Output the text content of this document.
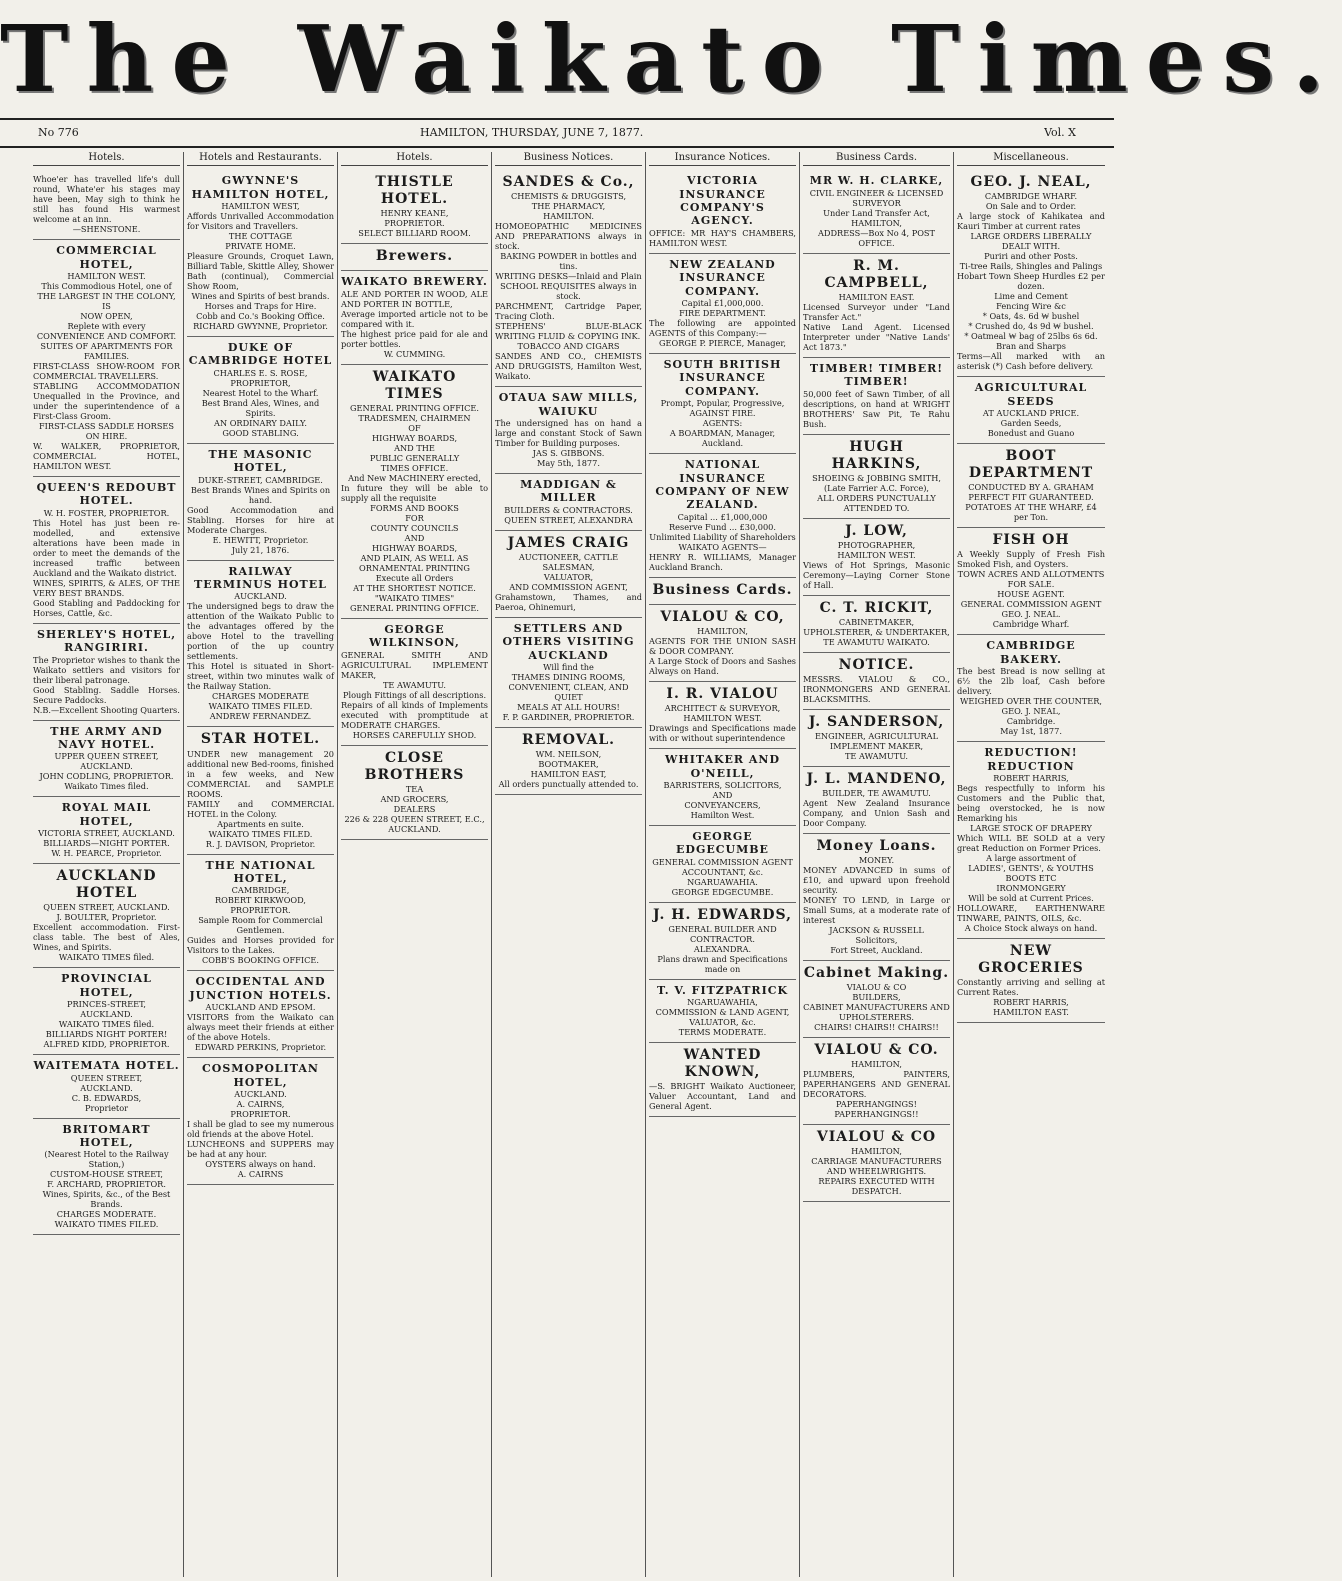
The Waikato Times.
No 776	HAMILTON, THURSDAY, JUNE 7, 1877.	Vol. X
Hotels.
Whoe'er has travelled life's dull round, Whate'er his stages may have been, May sigh to think he still has found His warmest welcome at an inn.
—SHENSTONE.
COMMERCIAL HOTEL,
HAMILTON WEST.
This Commodious Hotel, one of
THE LARGEST IN THE COLONY,
IS
NOW OPEN,
Replete with every
CONVENIENCE AND COMFORT.
SUITES OF APARTMENTS FOR FAMILIES.
FIRST-CLASS SHOW-ROOM FOR COMMERCIAL TRAVELLERS.
STABLING ACCOMMODATION Unequalled in the Province, and under the superintendence of a First-Class Groom.
FIRST-CLASS SADDLE HORSES ON HIRE.
W. WALKER, PROPRIETOR, COMMERCIAL HOTEL, HAMILTON WEST.
QUEEN'S REDOUBT HOTEL.
W. H. FOSTER, PROPRIETOR.
This Hotel has just been re-modelled, and extensive alterations have been made in order to meet the demands of the increased traffic between Auckland and the Waikato district.
WINES, SPIRITS, & ALES, OF THE VERY BEST BRANDS.
Good Stabling and Paddocking for Horses, Cattle, &c.
SHERLEY'S HOTEL, RANGIRIRI.
The Proprietor wishes to thank the Waikato settlers and visitors for their liberal patronage.
Good Stabling. Saddle Horses. Secure Paddocks.
N.B.—Excellent Shooting Quarters.
THE ARMY AND NAVY HOTEL.
UPPER QUEEN STREET, AUCKLAND.
JOHN CODLING, PROPRIETOR.
Waikato Times filed.
ROYAL MAIL HOTEL,
VICTORIA STREET, AUCKLAND.
BILLIARDS—NIGHT PORTER.
W. H. PEARCE, Proprietor.
AUCKLAND HOTEL
QUEEN STREET, AUCKLAND.
J. BOULTER, Proprietor.
Excellent accommodation. First-class table. The best of Ales, Wines, and Spirits.
WAIKATO TIMES filed.
PROVINCIAL HOTEL,
PRINCES-STREET,
AUCKLAND.
WAIKATO TIMES filed.
BILLIARDS NIGHT PORTER!
ALFRED KIDD, PROPRIETOR.
WAITEMATA HOTEL.
QUEEN STREET,
AUCKLAND.
C. B. EDWARDS,
Proprietor
BRITOMART HOTEL,
(Nearest Hotel to the Railway Station,)
CUSTOM-HOUSE STREET,
F. ARCHARD, PROPRIETOR.
Wines, Spirits, &c., of the Best Brands.
CHARGES MODERATE.
WAIKATO TIMES FILED.
Hotels and Restaurants.
GWYNNE'S HAMILTON HOTEL,
HAMILTON WEST,
Affords Unrivalled Accommodation for Visitors and Travellers.
THE COTTAGE
PRIVATE HOME.
Pleasure Grounds, Croquet Lawn, Billiard Table, Skittle Alley, Shower Bath (continual), Commercial Show Room,
Wines and Spirits of best brands.
Horses and Traps for Hire.
Cobb and Co.'s Booking Office.
RICHARD GWYNNE, Proprietor.
DUKE OF CAMBRIDGE HOTEL
CHARLES E. S. ROSE,
PROPRIETOR,
Nearest Hotel to the Wharf.
Best Brand Ales, Wines, and Spirits.
AN ORDINARY DAILY.
GOOD STABLING.
THE MASONIC HOTEL,
DUKE-STREET, CAMBRIDGE.
Best Brands Wines and Spirits on hand.
Good Accommodation and Stabling. Horses for hire at Moderate Charges.
E. HEWITT, Proprietor.
July 21, 1876.
RAILWAY TERMINUS HOTEL
AUCKLAND.
The undersigned begs to draw the attention of the Waikato Public to the advantages offered by the above Hotel to the travelling portion of the up country settlements.
This Hotel is situated in Short-street, within two minutes walk of the Railway Station.
CHARGES MODERATE
WAIKATO TIMES FILED.
ANDREW FERNANDEZ.
STAR HOTEL.
UNDER new management 20 additional new Bed-rooms, finished in a few weeks, and New COMMERCIAL and SAMPLE ROOMS.
FAMILY and COMMERCIAL HOTEL in the Colony.
Apartments en suite.
WAIKATO TIMES FILED.
R. J. DAVISON, Proprietor.
THE NATIONAL HOTEL,
CAMBRIDGE,
ROBERT KIRKWOOD, PROPRIETOR.
Sample Room for Commercial Gentlemen.
Guides and Horses provided for Visitors to the Lakes.
COBB'S BOOKING OFFICE.
OCCIDENTAL AND JUNCTION HOTELS.
AUCKLAND AND EPSOM.
VISITORS from the Waikato can always meet their friends at either of the above Hotels.
EDWARD PERKINS, Proprietor.
COSMOPOLITAN HOTEL,
AUCKLAND.
A. CAIRNS,
PROPRIETOR.
I shall be glad to see my numerous old friends at the above Hotel.
LUNCHEONS and SUPPERS may be had at any hour.
OYSTERS always on hand.
A. CAIRNS
Hotels.
THISTLE HOTEL.
HENRY KEANE,
PROPRIETOR.
SELECT BILLIARD ROOM.
Brewers.
WAIKATO BREWERY.
ALE AND PORTER IN WOOD, ALE AND PORTER IN BOTTLE,
Average imported article not to be compared with it.
The highest price paid for ale and porter bottles.
W. CUMMING.
WAIKATO TIMES
GENERAL PRINTING OFFICE.
TRADESMEN, CHAIRMEN
OF
HIGHWAY BOARDS,
AND THE
PUBLIC GENERALLY
TIMES OFFICE.
And New MACHINERY erected,
In future they will be able to supply all the requisite
FORMS AND BOOKS
FOR
COUNTY COUNCILS
AND
HIGHWAY BOARDS,
AND PLAIN, AS WELL AS
ORNAMENTAL PRINTING
Execute all Orders
AT THE SHORTEST NOTICE.
"WAIKATO TIMES"
GENERAL PRINTING OFFICE.
GEORGE WILKINSON,
GENERAL SMITH AND AGRICULTURAL IMPLEMENT MAKER,
TE AWAMUTU.
Plough Fittings of all descriptions.
Repairs of all kinds of Implements executed with promptitude at MODERATE CHARGES.
HORSES CAREFULLY SHOD.
CLOSE BROTHERS
TEA
AND GROCERS,
DEALERS
226 & 228 QUEEN STREET, E.C.,
AUCKLAND.
Business Notices.
SANDES & Co.,
CHEMISTS & DRUGGISTS,
THE PHARMACY,
HAMILTON.
HOMOEOPATHIC MEDICINES AND PREPARATIONS always in stock.
BAKING POWDER in bottles and tins.
WRITING DESKS—Inlaid and Plain
SCHOOL REQUISITES always in stock.
PARCHMENT, Cartridge Paper, Tracing Cloth.
STEPHENS' BLUE-BLACK WRITING FLUID & COPYING INK.
TOBACCO AND CIGARS
SANDES AND CO., CHEMISTS AND DRUGGISTS, Hamilton West, Waikato.
OTAUA SAW MILLS, WAIUKU
The undersigned has on hand a large and constant Stock of Sawn Timber for Building purposes.
JAS S. GIBBONS.
May 5th, 1877.
MADDIGAN & MILLER
BUILDERS & CONTRACTORS.
QUEEN STREET, ALEXANDRA
JAMES CRAIG
AUCTIONEER, CATTLE SALESMAN,
VALUATOR,
AND COMMISSION AGENT,
Grahamstown, Thames, and Paeroa, Ohinemuri,
SETTLERS AND OTHERS VISITING AUCKLAND
Will find the
THAMES DINING ROOMS,
CONVENIENT, CLEAN, AND QUIET
MEALS AT ALL HOURS!
F. P. GARDINER, PROPRIETOR.
REMOVAL.
WM. NEILSON,
BOOTMAKER,
HAMILTON EAST,
All orders punctually attended to.
Insurance Notices.
VICTORIA INSURANCE COMPANY'S AGENCY.
OFFICE: MR HAY'S CHAMBERS, HAMILTON WEST.
NEW ZEALAND INSURANCE COMPANY.
Capital £1,000,000.
FIRE DEPARTMENT.
The following are appointed AGENTS of this Company:—
GEORGE P. PIERCE, Manager,
SOUTH BRITISH INSURANCE COMPANY.
Prompt, Popular, Progressive,
AGAINST FIRE.
AGENTS:
A BOARDMAN, Manager, Auckland.
NATIONAL INSURANCE COMPANY OF NEW ZEALAND.
Capital ... £1,000,000
Reserve Fund ... £30,000.
Unlimited Liability of Shareholders
WAIKATO AGENTS—
HENRY R. WILLIAMS, Manager Auckland Branch.
Business Cards.
VIALOU & CO,
HAMILTON,
AGENTS FOR THE UNION SASH & DOOR COMPANY.
A Large Stock of Doors and Sashes Always on Hand.
I. R. VIALOU
ARCHITECT & SURVEYOR,
HAMILTON WEST.
Drawings and Specifications made with or without superintendence
WHITAKER AND O'NEILL,
BARRISTERS, SOLICITORS,
AND
CONVEYANCERS,
Hamilton West.
GEORGE EDGECUMBE
GENERAL COMMISSION AGENT
ACCOUNTANT, &c.
NGARUAWAHIA.
GEORGE EDGECUMBE.
J. H. EDWARDS,
GENERAL BUILDER AND CONTRACTOR.
ALEXANDRA.
Plans drawn and Specifications made on
T. V. FITZPATRICK
NGARUAWAHIA,
COMMISSION & LAND AGENT, VALUATOR, &c.
TERMS MODERATE.
WANTED KNOWN,
—S. BRIGHT Waikato Auctioneer, Valuer Accountant, Land and General Agent.
Business Cards.
MR W. H. CLARKE,
CIVIL ENGINEER & LICENSED SURVEYOR
Under Land Transfer Act,
HAMILTON,
ADDRESS—Box No 4, POST OFFICE.
R. M. CAMPBELL,
HAMILTON EAST.
Licensed Surveyor under "Land Transfer Act."
Native Land Agent. Licensed Interpreter under "Native Lands' Act 1873."
TIMBER! TIMBER! TIMBER!
50,000 feet of Sawn Timber, of all descriptions, on hand at WRIGHT BROTHERS' Saw Pit, Te Rahu Bush.
HUGH HARKINS,
SHOEING & JOBBING SMITH,
(Late Farrier A.C. Force),
ALL ORDERS PUNCTUALLY ATTENDED TO.
J. LOW,
PHOTOGRAPHER,
HAMILTON WEST.
Views of Hot Springs, Masonic Ceremony—Laying Corner Stone of Hall.
C. T. RICKIT,
CABINETMAKER, UPHOLSTERER, & UNDERTAKER,
TE AWAMUTU WAIKATO.
NOTICE.
MESSRS. VIALOU & CO., IRONMONGERS AND GENERAL BLACKSMITHS.
J. SANDERSON,
ENGINEER, AGRICULTURAL IMPLEMENT MAKER,
TE AWAMUTU.
J. L. MANDENO,
BUILDER, TE AWAMUTU.
Agent New Zealand Insurance Company, and Union Sash and Door Company.
Money Loans.
MONEY.
MONEY ADVANCED in sums of £10, and upward upon freehold security.
MONEY TO LEND, in Large or Small Sums, at a moderate rate of interest
JACKSON & RUSSELL
Solicitors,
Fort Street, Auckland.
Cabinet Making.
VIALOU & CO
BUILDERS,
CABINET MANUFACTURERS AND UPHOLSTERERS.
CHAIRS! CHAIRS!! CHAIRS!!
VIALOU & CO.
HAMILTON,
PLUMBERS, PAINTERS, PAPERHANGERS AND GENERAL DECORATORS.
PAPERHANGINGS! PAPERHANGINGS!!
VIALOU & CO
HAMILTON,
CARRIAGE MANUFACTURERS AND WHEELWRIGHTS.
REPAIRS EXECUTED WITH DESPATCH.
Miscellaneous.
GEO. J. NEAL,
CAMBRIDGE WHARF.
On Sale and to Order.
A large stock of Kahikatea and Kauri Timber at current rates
LARGE ORDERS LIBERALLY DEALT WITH.
Puriri and other Posts.
Ti-tree Rails, Shingles and Palings
Hobart Town Sheep Hurdles £2 per dozen.
Lime and Cement
Fencing Wire &c
* Oats, 4s. 6d ₩ bushel
* Crushed do, 4s 9d ₩ bushel.
* Oatmeal ₩ bag of 25lbs 6s 6d.
Bran and Sharps
Terms—All marked with an asterisk (*) Cash before delivery.
AGRICULTURAL SEEDS
AT AUCKLAND PRICE.
Garden Seeds,
Bonedust and Guano
BOOT DEPARTMENT
CONDUCTED BY A. GRAHAM
PERFECT FIT GUARANTEED.
POTATOES AT THE WHARF, £4 per Ton.
FISH OH
A Weekly Supply of Fresh Fish Smoked Fish, and Oysters.
TOWN ACRES AND ALLOTMENTS FOR SALE.
HOUSE AGENT.
GENERAL COMMISSION AGENT
GEO. J. NEAL.
Cambridge Wharf.
CAMBRIDGE BAKERY.
The best Bread is now selling at 6½ the 2lb loaf, Cash before delivery.
WEIGHED OVER THE COUNTER,
GEO. J. NEAL,
Cambridge.
May 1st, 1877.
REDUCTION! REDUCTION
ROBERT HARRIS,
Begs respectfully to inform his Customers and the Public that, being overstocked, he is now Remarking his
LARGE STOCK OF DRAPERY
Which WILL BE SOLD at a very great Reduction on Former Prices.
A large assortment of
LADIES', GENTS', & YOUTHS
BOOTS ETC
IRONMONGERY
Will be sold at Current Prices.
HOLLOWARE, EARTHENWARE TINWARE, PAINTS, OILS, &c.
A Choice Stock always on hand.
NEW GROCERIES
Constantly arriving and selling at Current Rates.
ROBERT HARRIS,
HAMILTON EAST.
